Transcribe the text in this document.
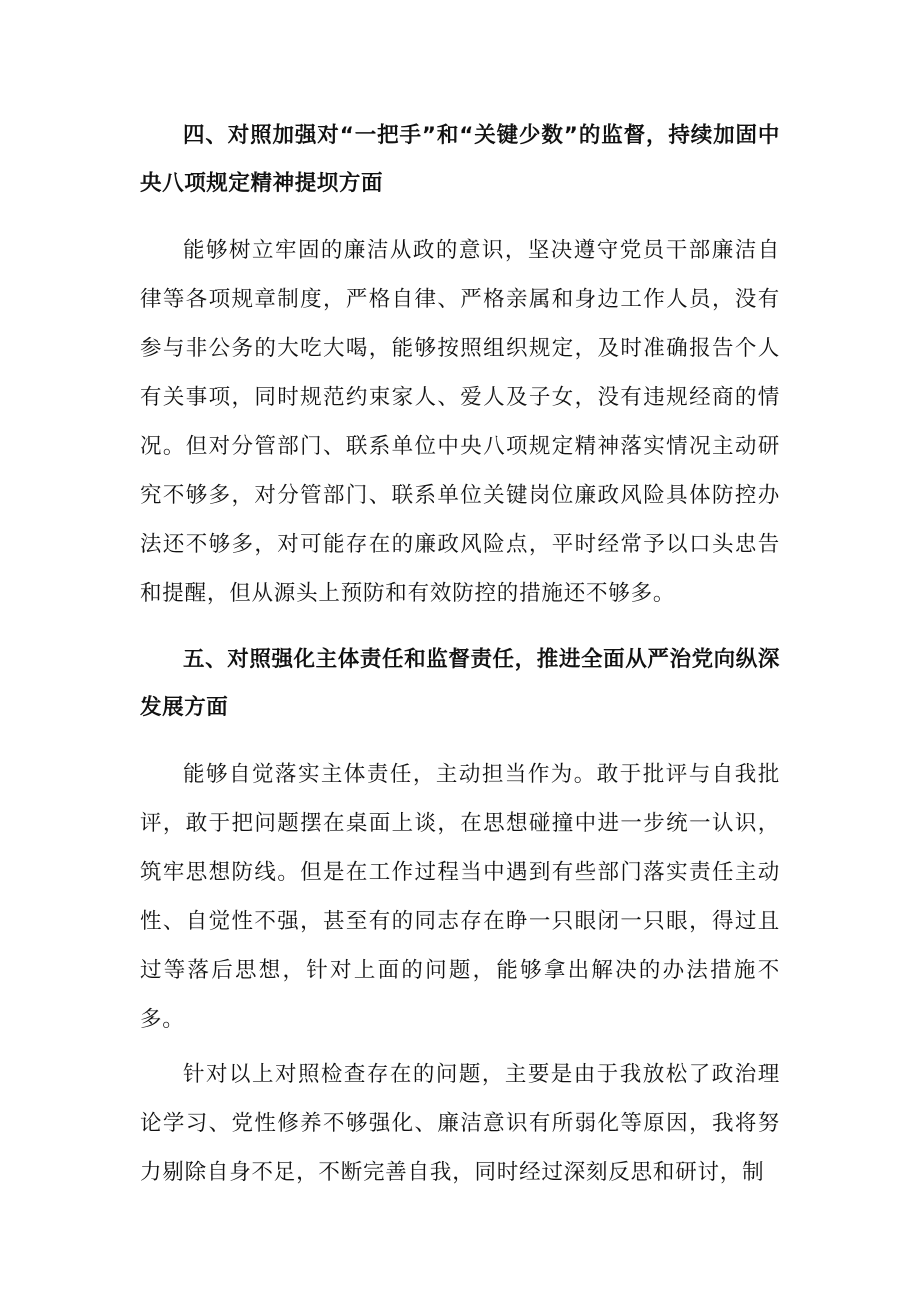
四、对照加强对“一把手”和“关键少数”的监督，持续加固中央八项规定精神提坝方面

能够树立牢固的廉洁从政的意识，坚决遵守党员干部廉洁自律等各项规章制度，严格自律、严格亲属和身边工作人员，没有参与非公务的大吃大喝，能够按照组织规定，及时准确报告个人有关事项，同时规范约束家人、爱人及子女，没有违规经商的情况。但对分管部门、联系单位中央八项规定精神落实情况主动研究不够多，对分管部门、联系单位关键岗位廉政风险具体防控办法还不够多，对可能存在的廉政风险点，平时经常予以口头忠告和提醒，但从源头上预防和有效防控的措施还不够多。

五、对照强化主体责任和监督责任，推进全面从严治党向纵深发展方面

能够自觉落实主体责任，主动担当作为。敢于批评与自我批评，敢于把问题摆在桌面上谈，在思想碰撞中进一步统一认识，筑牢思想防线。但是在工作过程当中遇到有些部门落实责任主动性、自觉性不强，甚至有的同志存在睁一只眼闭一只眼，得过且过等落后思想，针对上面的问题，能够拿出解决的办法措施不多。

针对以上对照检查存在的问题，主要是由于我放松了政治理论学习、党性修养不够强化、廉洁意识有所弱化等原因，我将努力剔除自身不足，不断完善自我，同时经过深刻反思和研讨，制
